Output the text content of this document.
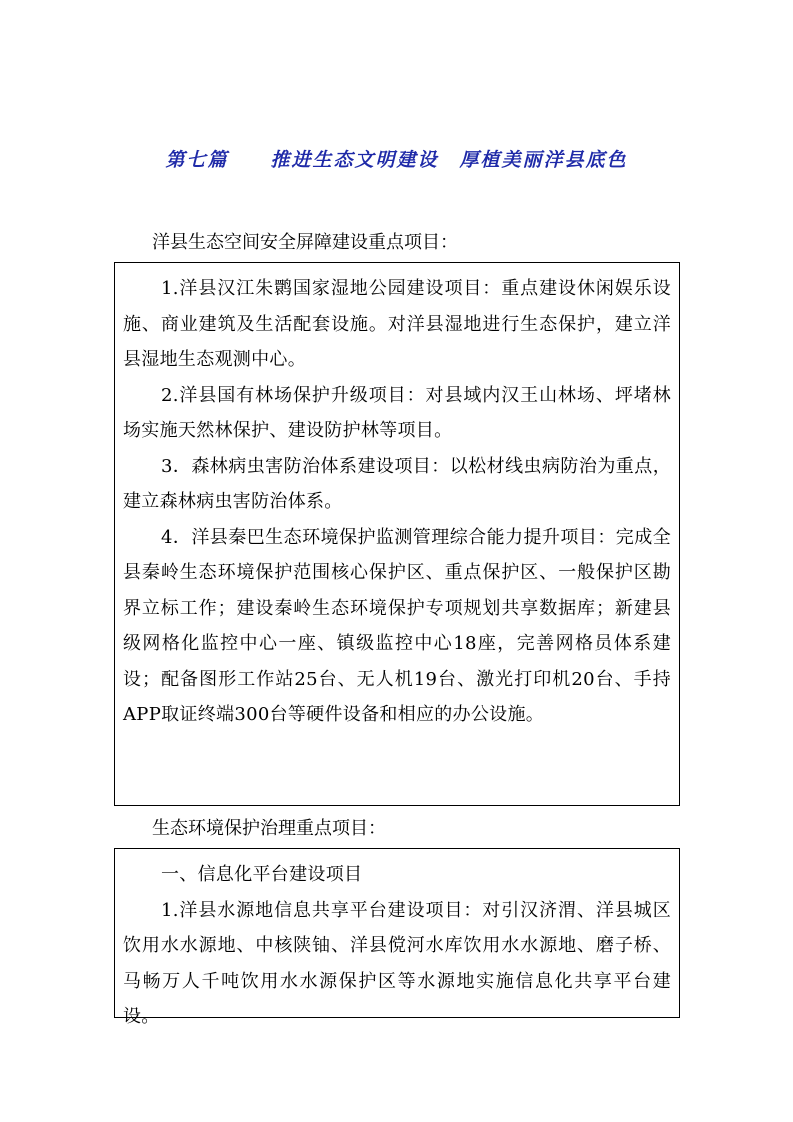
第七篇　　推进生态文明建设　厚植美丽洋县底色
洋县生态空间安全屏障建设重点项目：

1.洋县汉江朱鹮国家湿地公园建设项目：重点建设休闲娱乐设施、商业建筑及生活配套设施。对洋县湿地进行生态保护，建立洋县湿地生态观测中心。

2.洋县国有林场保护升级项目：对县域内汉王山林场、坪堵林场实施天然林保护、建设防护林等项目。

3．森林病虫害防治体系建设项目：以松材线虫病防治为重点，建立森林病虫害防治体系。

4．洋县秦巴生态环境保护监测管理综合能力提升项目：完成全县秦岭生态环境保护范围核心保护区、重点保护区、一般保护区勘界立标工作；建设秦岭生态环境保护专项规划共享数据库；新建县级网格化监控中心一座、镇级监控中心18座，完善网格员体系建设；配备图形工作站25台、无人机19台、激光打印机20台、手持APP取证终端300台等硬件设备和相应的办公设施。

生态环境保护治理重点项目：

一、信息化平台建设项目

1.洋县水源地信息共享平台建设项目：对引汉济渭、洋县城区饮用水水源地、中核陕铀、洋县傥河水库饮用水水源地、磨子桥、马畅万人千吨饮用水水源保护区等水源地实施信息化共享平台建设。
